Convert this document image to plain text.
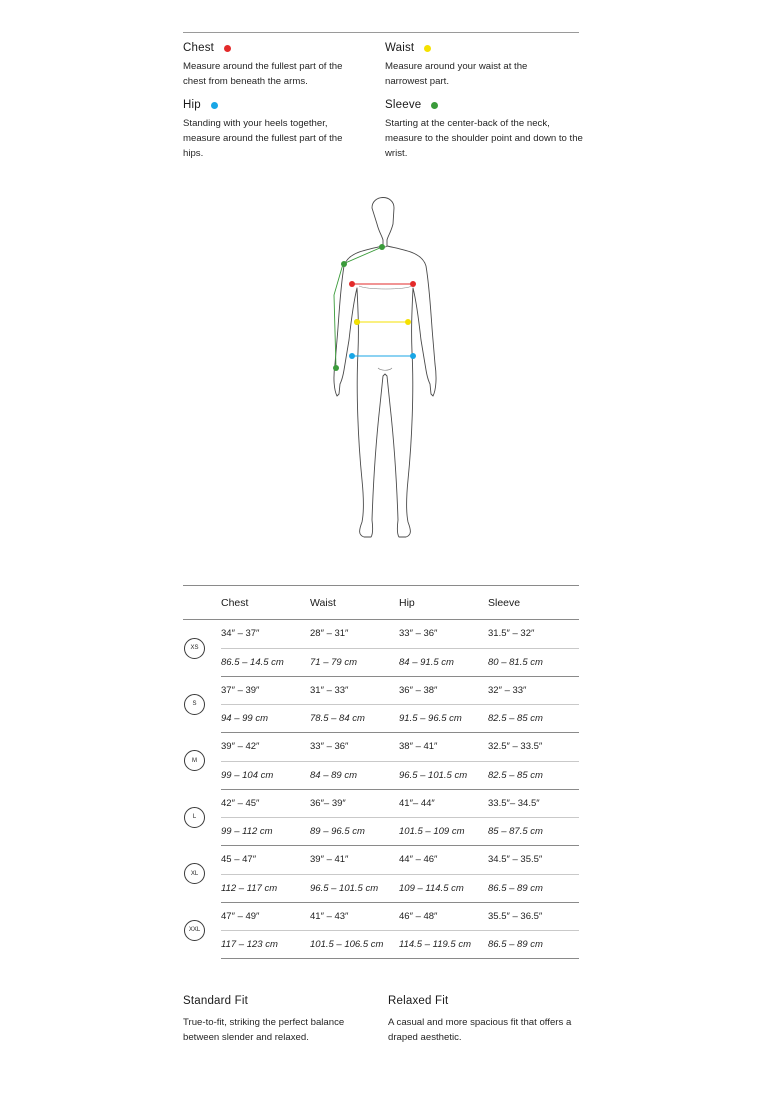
Chest
Measure around the fullest part of the chest from beneath the arms.
Waist
Measure around your waist at the narrowest part.
Hip
Standing with your heels together, measure around the fullest part of the hips.
Sleeve
Starting at the center-back of the neck, measure to the shoulder point and down to the wrist.
	Chest	Waist	Hip	Sleeve

XS	34″ – 37″	28″ – 31″	33″ – 36″	31.5″ – 32″
	86.5 – 14.5 cm	71 – 79 cm	84 – 91.5 cm	80 – 81.5 cm

S	37″ – 39″	31″ – 33″	36″ – 38″	32″ – 33″
	94 – 99 cm	78.5 – 84 cm	91.5 – 96.5 cm	82.5 – 85 cm

M	39″ – 42″	33″ – 36″	38″ – 41″	32.5″ – 33.5″
	99 – 104 cm	84 – 89 cm	96.5 – 101.5 cm	82.5 – 85 cm

L	42″ – 45″	36″– 39″	41″– 44″	33.5″– 34.5″
	99 – 112 cm	89 – 96.5 cm	101.5 – 109 cm	85 – 87.5 cm

XL	45 – 47″	39″ – 41″	44″ – 46″	34.5″ – 35.5″
	112 – 117 cm	96.5 – 101.5 cm	109 – 114.5 cm	86.5 – 89 cm

XXL	47″ – 49″	41″ – 43″	46″ – 48″	35.5″ – 36.5″
	117 – 123 cm	101.5 – 106.5 cm	114.5 – 119.5 cm	86.5 – 89 cm
Standard Fit
True-to-fit, striking the perfect balance between slender and relaxed.
Relaxed Fit
A casual and more spacious fit that offers a draped aesthetic.
